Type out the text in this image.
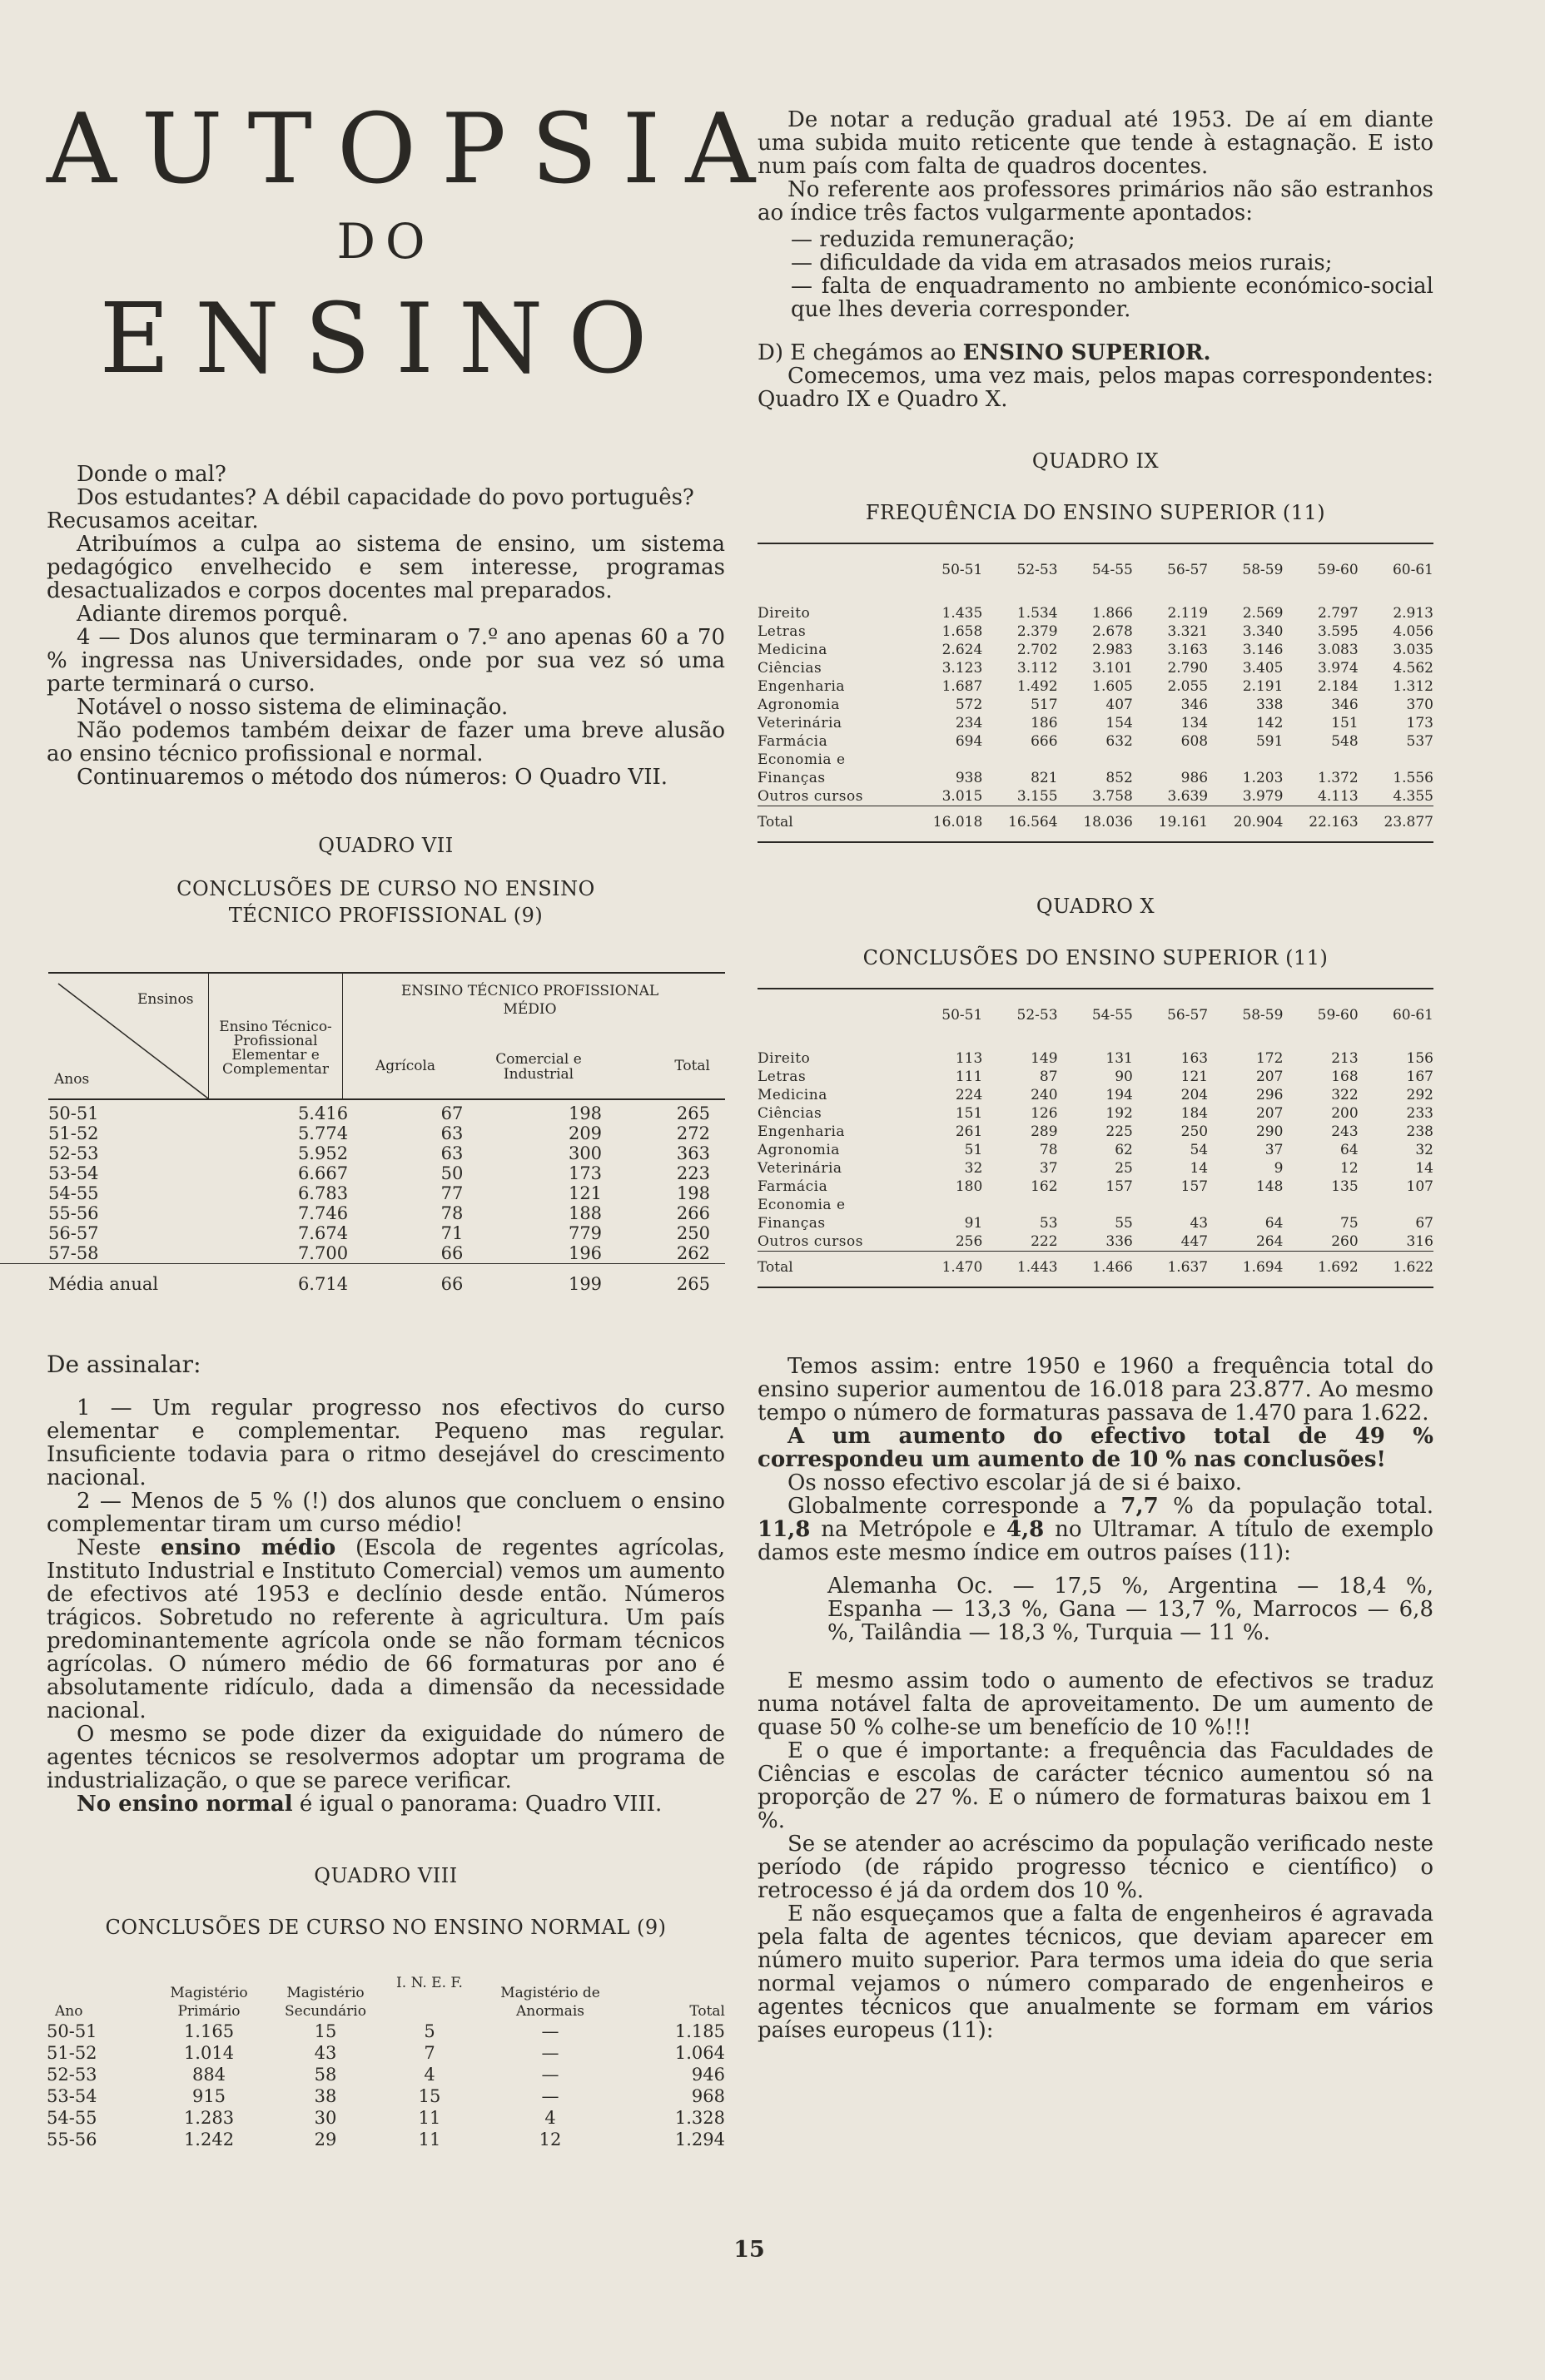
AUTOPSIA
DO
ENSINO

Donde o mal?

Dos estudantes? A débil capacidade do povo português?

Recusamos aceitar.

Atribuímos a culpa ao sistema de ensino, um sistema pedagógico envelhecido e sem interesse, programas desactualizados e corpos docentes mal preparados.

Adiante diremos porquê.

4 — Dos alunos que terminaram o 7.º ano apenas 60 a 70 % ingressa nas Universidades, onde por sua vez só uma parte terminará o curso.

Notável o nosso sistema de eliminação.

Não podemos também deixar de fazer uma breve alusão ao ensino técnico profissional e normal.

Continuaremos o método dos números: O Quadro VII.

QUADRO VII
CONCLUSÕES DE CURSO NO ENSINO
TÉCNICO PROFISSIONAL (9)
Ensinos
Anos
	Ensino Técnico-Profissional Elementar e Complementar	
ENSINO TÉCNICO PROFISSIONAL MÉDIO
Agrícola	Comercial e Industrial	Total
50-51	5.416	67	198	265
51-52	5.774	63	209	272
52-53	5.952	63	300	363
53-54	6.667	50	173	223
54-55	6.783	77	121	198
55-56	7.746	78	188	266
56-57	7.674	71	779	250
57-58	7.700	66	196	262
Média anual	6.714	66	199	265

De assinalar:

1 — Um regular progresso nos efectivos do curso elementar e complementar. Pequeno mas regular. Insuficiente todavia para o ritmo desejável do crescimento nacional.

2 — Menos de 5 % (!) dos alunos que concluem o ensino complementar tiram um curso médio!

Neste ensino médio (Escola de regentes agrícolas, Instituto Industrial e Instituto Comercial) vemos um aumento de efectivos até 1953 e declínio desde então. Números trágicos. Sobretudo no referente à agricultura. Um país predominantemente agrícola onde se não formam técnicos agrícolas. O número médio de 66 formaturas por ano é absolutamente ridículo, dada a dimensão da necessidade nacional.

O mesmo se pode dizer da exiguidade do número de agentes técnicos se resolvermos adoptar um programa de industrialização, o que se parece verificar.

No ensino normal é igual o panorama: Quadro VIII.

QUADRO VIII
CONCLUSÕES DE CURSO NO ENSINO NORMAL (9)
Ano	Magistério Primário	Magistério Secundário	I. N. E. F.	Magistério de Anormais	Total
50-51	1.165	15	5	—	1.185
51-52	1.014	43	7	—	1.064
52-53	884	58	4	—	946
53-54	915	38	15	—	968
54-55	1.283	30	11	4	1.328
55-56	1.242	29	11	12	1.294

De notar a redução gradual até 1953. De aí em diante uma subida muito reticente que tende à estagnação. E isto num país com falta de quadros docentes.

No referente aos professores primários não são estranhos ao índice três factos vulgarmente apontados:

— reduzida remuneração;

— dificuldade da vida em atrasados meios rurais;

— falta de enquadramento no ambiente económico-social que lhes deveria corresponder.

D) E chegámos ao ENSINO SUPERIOR.

Comecemos, uma vez mais, pelos mapas correspondentes: Quadro IX e Quadro X.

QUADRO IX
FREQUÊNCIA DO ENSINO SUPERIOR (11)
	50-51	52-53	54-55	56-57	58-59	59-60	60-61
Direito	1.435	1.534	1.866	2.119	2.569	2.797	2.913
Letras	1.658	2.379	2.678	3.321	3.340	3.595	4.056
Medicina	2.624	2.702	2.983	3.163	3.146	3.083	3.035
Ciências	3.123	3.112	3.101	2.790	3.405	3.974	4.562
Engenharia	1.687	1.492	1.605	2.055	2.191	2.184	1.312
Agronomia	572	517	407	346	338	346	370
Veterinária	234	186	154	134	142	151	173
Farmácia	694	666	632	608	591	548	537
Economia e Finanças	938	821	852	986	1.203	1.372	1.556
Outros cursos	3.015	3.155	3.758	3.639	3.979	4.113	4.355
Total	16.018	16.564	18.036	19.161	20.904	22.163	23.877
QUADRO X
CONCLUSÕES DO ENSINO SUPERIOR (11)
	50-51	52-53	54-55	56-57	58-59	59-60	60-61
Direito	113	149	131	163	172	213	156
Letras	111	87	90	121	207	168	167
Medicina	224	240	194	204	296	322	292
Ciências	151	126	192	184	207	200	233
Engenharia	261	289	225	250	290	243	238
Agronomia	51	78	62	54	37	64	32
Veterinária	32	37	25	14	9	12	14
Farmácia	180	162	157	157	148	135	107
Economia e Finanças	91	53	55	43	64	75	67
Outros cursos	256	222	336	447	264	260	316
Total	1.470	1.443	1.466	1.637	1.694	1.692	1.622

Temos assim: entre 1950 e 1960 a frequência total do ensino superior aumentou de 16.018 para 23.877. Ao mesmo tempo o número de formaturas passava de 1.470 para 1.622.

A um aumento do efectivo total de 49 % correspondeu um aumento de 10 % nas conclusões!

Os nosso efectivo escolar já de si é baixo.

Globalmente corresponde a 7,7 % da população total. 11,8 na Metrópole e 4,8 no Ultramar. A título de exemplo damos este mesmo índice em outros países (11):

Alemanha Oc. — 17,5 %, Argentina — 18,4 %, Espanha — 13,3 %, Gana — 13,7 %, Marrocos — 6,8 %, Tailândia — 18,3 %, Turquia — 11 %.

E mesmo assim todo o aumento de efectivos se traduz numa notável falta de aproveitamento. De um aumento de quase 50 % colhe-se um benefício de 10 %!!!

E o que é importante: a frequência das Faculdades de Ciências e escolas de carácter técnico aumentou só na proporção de 27 %. E o número de formaturas baixou em 1 %.

Se se atender ao acréscimo da população verificado neste período (de rápido progresso técnico e científico) o retrocesso é já da ordem dos 10 %.

E não esqueçamos que a falta de engenheiros é agravada pela falta de agentes técnicos, que deviam aparecer em número muito superior. Para termos uma ideia do que seria normal vejamos o número comparado de engenheiros e agentes técnicos que anualmente se formam em vários países europeus (11):

15
